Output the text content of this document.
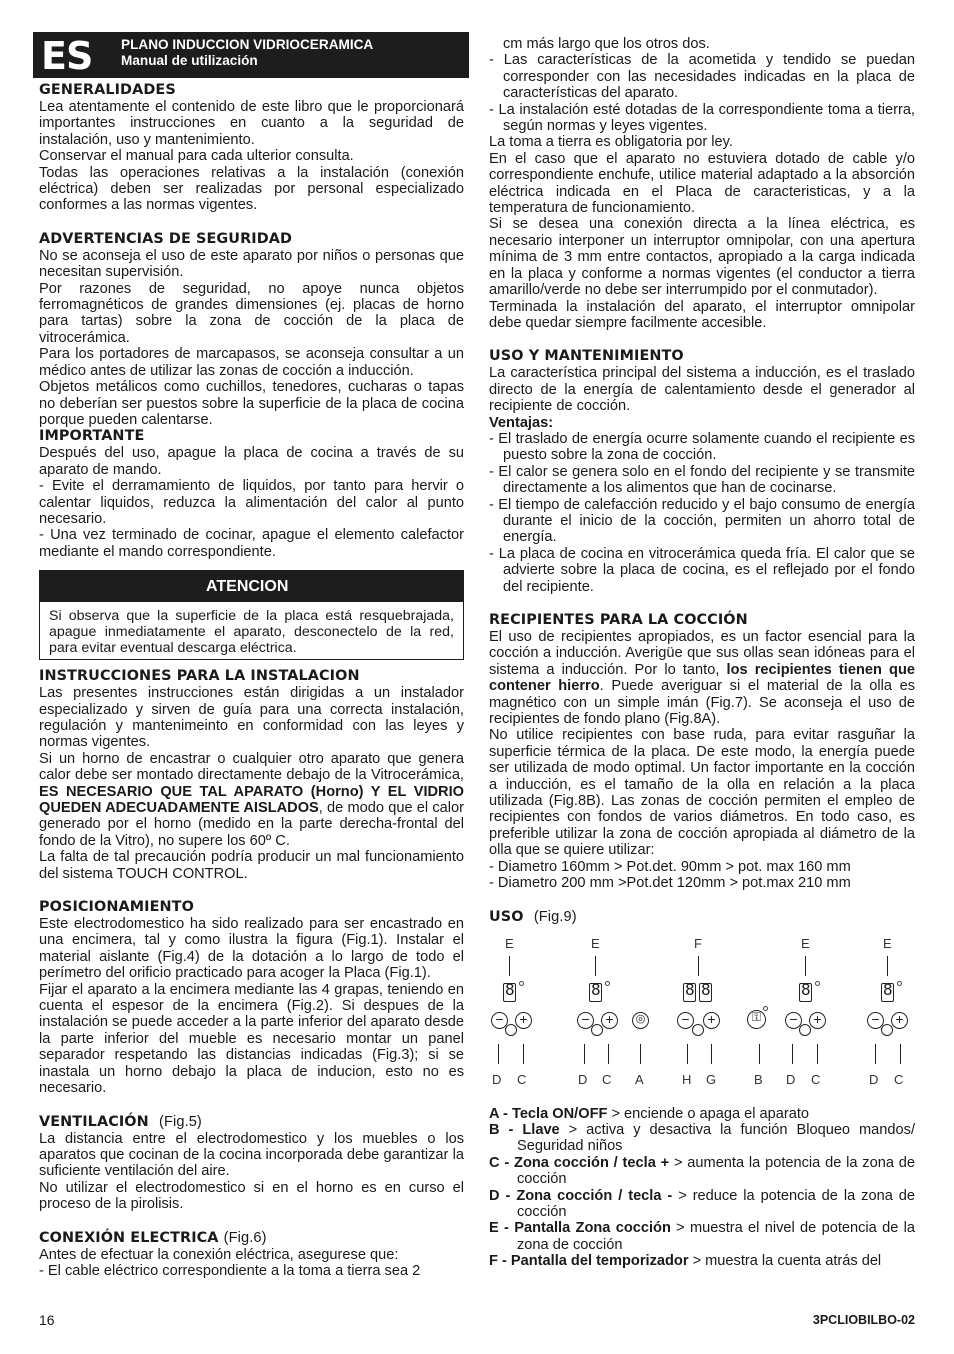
ES PLANO INDUCCION VIDRIOCERAMICA
Manual de utilización
GENERALIDADES

Lea atentamente el contenido de este libro que le proporcionará importantes instrucciones en cuanto a la seguridad de instalación, uso y mantenimiento.

Conservar el manual para cada ulterior consulta.

Todas las operaciones relativas a la instalación (conexión eléctrica) deben ser realizadas por personal especializado conformes a las normas vigentes.

ADVERTENCIAS DE SEGURIDAD

No se aconseja el uso de este aparato por niños o personas que necesitan supervisión.

Por razones de seguridad, no apoye nunca objetos ferromagnéticos de grandes dimensiones (ej. placas de horno para tartas) sobre la zona de cocción de la placa de vitrocerámica.

Para los portadores de marcapasos, se aconseja consultar a un médico antes de utilizar las zonas de cocción a inducción.

Objetos metálicos como cuchillos, tenedores, cucharas o tapas no deberían ser puestos sobre la superficie de la placa de cocina porque pueden calentarse.

IMPORTANTE

Después del uso, apague la placa de cocina a través de su aparato de mando.

- Evite el derramamiento de liquidos, por tanto para hervir o calentar liquidos, reduzca la alimentación del calor al punto necesario.

- Una vez terminado de cocinar, apague el elemento calefactor mediante el mando correspondiente.

ATENCION
Si observa que la superficie de la placa está resquebrajada, apague inmediatamente el aparato, desconectelo de la red, para evitar eventual descarga eléctrica.
INSTRUCCIONES PARA LA INSTALACION

Las presentes instrucciones están dirigidas a un instalador especializado y sirven de guía para una correcta instalación, regulación y mantenimeinto en conformidad con las leyes y normas vigentes.

Si un horno de encastrar o cualquier otro aparato que genera calor debe ser montado directamente debajo de la Vitrocerámica, ES NECESARIO QUE TAL APARATO (Horno) Y EL VIDRIO QUEDEN ADECUADAMENTE AISLADOS, de modo que el calor generado por el horno (medido en la parte derecha-frontal del fondo de la Vitro), no supere los 60º C.

La falta de tal precaución podría producir un mal funcionamiento del sistema TOUCH CONTROL.

POSICIONAMIENTO

Este electrodomestico ha sido realizado para ser encastrado en una encimera, tal y como ilustra la figura (Fig.1). Instalar el material aislante (Fig.4) de la dotación a lo largo de todo el perímetro del orificio practicado para acoger la Placa (Fig.1).

Fijar el aparato a la encimera mediante las 4 grapas, teniendo en cuenta el espesor de la encimera (Fig.2). Si despues de la instalación se puede acceder a la parte inferior del aparato desde la parte inferior del mueble es necesario montar un panel separador respetando las distancias indicadas (Fig.3); si se inastala un horno debajo la placa de inducion, esto no es necesario.

VENTILACIÓN (Fig.5)

La distancia entre el electrodomestico y los muebles o los aparatos que cocinan de la cocina incorporada debe garantizar la suficiente ventilación del aire.

No utilizar el electrodomestico si en el horno es en curso el proceso de la pirolisis.

CONEXIÓN ELECTRICA (Fig.6)

Antes de efectuar la conexión eléctrica, asegurese que:

- El cable eléctrico correspondiente a la toma a tierra sea 2

cm más largo que los otros dos.

- Las características de la acometida y tendido se puedan corresponder con las necesidades indicadas en la placa de características del aparato.

- La instalación esté dotadas de la correspondiente toma a tierra, según normas y leyes vigentes.

La toma a tierra es obligatoria por ley.

En el caso que el aparato no estuviera dotado de cable y/o correspondiente enchufe, utilice material adaptado a la absorción eléctrica indicada en el Placa de caracteristicas, y a la temperatura de funcionamiento.

Si se desea una conexión directa a la línea eléctrica, es necesario interponer un interruptor omnipolar, con una apertura mínima de 3 mm entre contactos, apropiado a la carga indicada en la placa y conforme a normas vigentes (el conductor a tierra amarillo/verde no debe ser interrumpido por el conmutador).

Terminada la instalación del aparato, el interruptor omnipolar debe quedar siempre facilmente accesible.

USO Y MANTENIMIENTO

La característica principal del sistema a inducción, es el traslado directo de la energía de calentamiento desde el generador al recipiente de cocción.

Ventajas:

- El traslado de energía ocurre solamente cuando el recipiente es puesto sobre la zona de cocción.

- El calor se genera solo en el fondo del recipiente y se transmite directamente a los alimentos que han de cocinarse.

- El tiempo de calefacción reducido y el bajo consumo de energía durante el inicio de la cocción, permiten un ahorro total de energía.

- La placa de cocina en vitrocerámica queda fría. El calor que se advierte sobre la placa de cocina, es el reflejado por el fondo del recipiente.

RECIPIENTES PARA LA COCCIÓN

El uso de recipientes apropiados, es un factor esencial para la cocción a inducción. Averigüe que sus ollas sean idóneas para el sistema a inducción. Por lo tanto, los recipientes tienen que contener hierro. Puede averiguar si el material de la olla es magnético con un simple imán (Fig.7). Se aconseja el uso de recipientes de fondo plano (Fig.8A).

No utilice recipientes con base ruda, para evitar rasguñar la superficie térmica de la placa. De este modo, la energía puede ser utilizada de modo optimal. Un factor importante en la cocción a inducción, es el tamaño de la olla en relación a la placa utilizada (Fig.8B). Las zonas de cocción permiten el empleo de recipientes con fondos de varios diámetros. En todo caso, es preferible utilizar la zona de cocción apropiada al diámetro de la olla que se quiere utilizar:

- Diametro 160mm > Pot.det. 90mm > pot. max 160 mm

- Diametro 200 mm >Pot.det 120mm > pot.max 210 mm

USO (Fig.9)
E	E	F	E	E
8
−	+
8	−	+	◎
8
8	−	+	⚿
8	−	+
8	−	+
D C	D C A	H G	B D C	D C

A - Tecla ON/OFF > enciende o apaga el aparato

B - Llave > activa y desactiva la función Bloqueo mandos/ Seguridad niños

C - Zona cocción / tecla + > aumenta la potencia de la zona de cocción

D - Zona cocción / tecla - > reduce la potencia de la zona de cocción

E - Pantalla Zona cocción > muestra el nivel de potencia de la zona de cocción

F - Pantalla del temporizador > muestra la cuenta atrás del

16	3PCLIOBILBO-02
